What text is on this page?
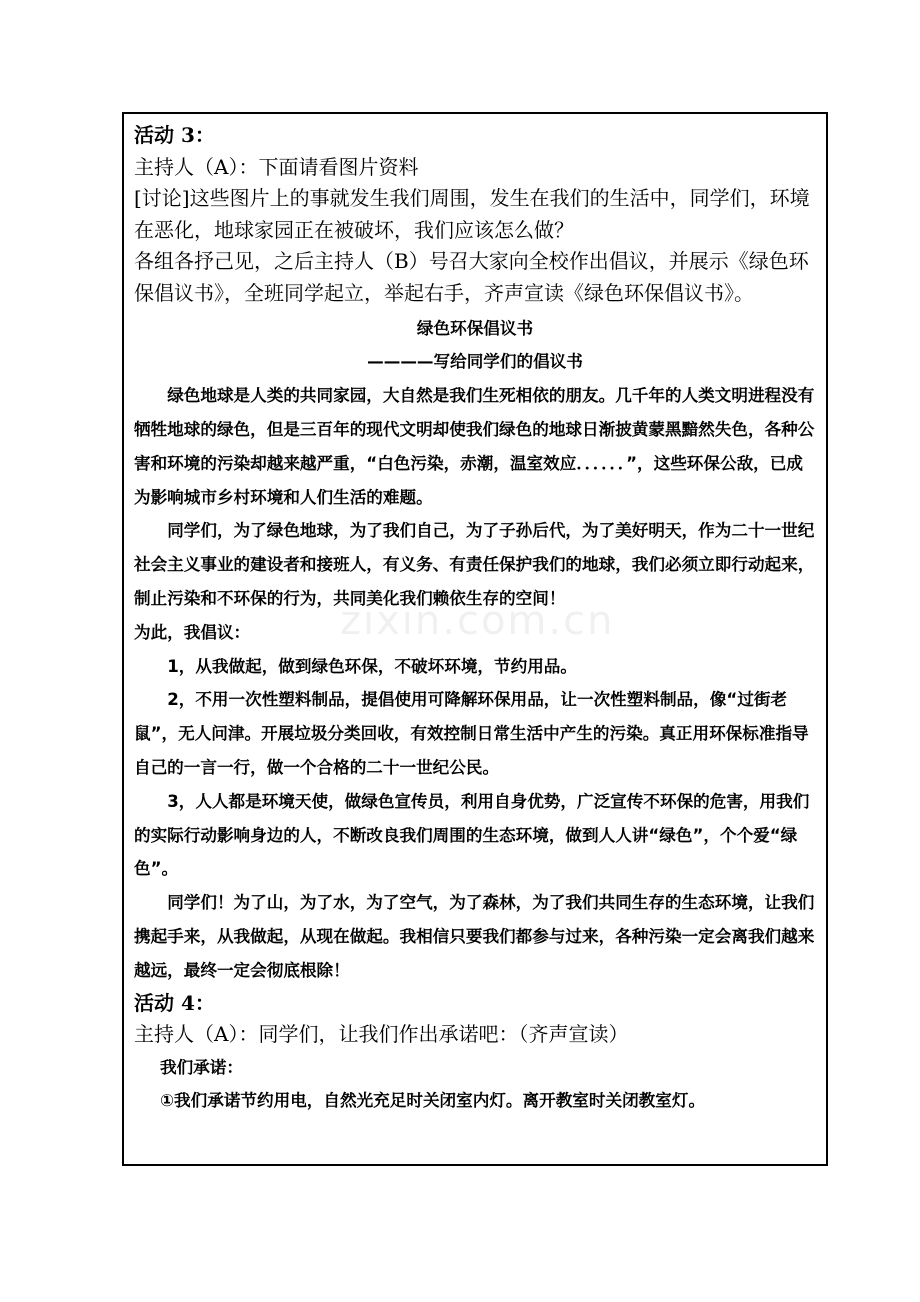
活动 3：

主持人（A）：下面请看图片资料

[讨论]这些图片上的事就发生我们周围，发生在我们的生活中，同学们，环境在恶化，地球家园正在被破坏，我们应该怎么做？

各组各抒己见，之后主持人（B）号召大家向全校作出倡议，并展示《绿色环保倡议书》，全班同学起立，举起右手，齐声宣读《绿色环保倡议书》。

绿色环保倡议书

————写给同学们的倡议书

绿色地球是人类的共同家园，大自然是我们生死相依的朋友。几千年的人类文明进程没有牺牲地球的绿色，但是三百年的现代文明却使我们绿色的地球日渐披黄蒙黑黯然失色，各种公害和环境的污染却越来越严重，“白色污染，赤潮，温室效应．．．．．．”，这些环保公敌，已成为影响城市乡村环境和人们生活的难题。

同学们，为了绿色地球，为了我们自己，为了子孙后代，为了美好明天，作为二十一世纪社会主义事业的建设者和接班人，有义务、有责任保护我们的地球，我们必须立即行动起来，制止污染和不环保的行为，共同美化我们赖依生存的空间！

为此，我倡议：

1，从我做起，做到绿色环保，不破坏环境，节约用品。

2，不用一次性塑料制品，提倡使用可降解环保用品，让一次性塑料制品，像“过街老鼠”，无人问津。开展垃圾分类回收，有效控制日常生活中产生的污染。真正用环保标准指导自己的一言一行，做一个合格的二十一世纪公民。

3，人人都是环境天使，做绿色宣传员，利用自身优势，广泛宣传不环保的危害，用我们的实际行动影响身边的人，不断改良我们周围的生态环境，做到人人讲“绿色”，个个爱“绿色”。

同学们！为了山，为了水，为了空气，为了森林，为了我们共同生存的生态环境，让我们携起手来，从我做起，从现在做起。我相信只要我们都参与过来，各种污染一定会离我们越来越远，最终一定会彻底根除！

活动 4：

主持人（A）：同学们，让我们作出承诺吧：（齐声宣读）

我们承诺：

①我们承诺节约用电，自然光充足时关闭室内灯。离开教室时关闭教室灯。

zixin.com.cn
